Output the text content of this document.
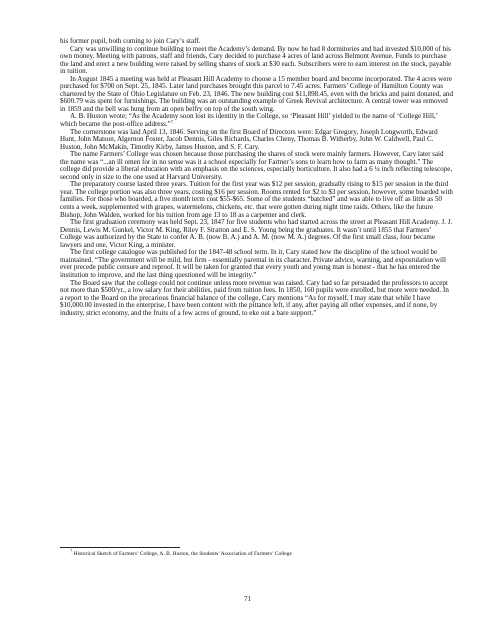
his former pupil, both coming to join Cary’s staff.

Cary was unwilling to continue building to meet the Academy’s demand. By now he had 8 dormitories and had invested $10,000 of his own money. Meeting with patrons, staff and friends, Cary decided to purchase 4 acres of land across Belmont Avenue. Funds to purchase the land and erect a new building were raised by selling shares of stock at $30 each. Subscribers were to earn interest on the stock, payable in tuition.

In August 1845 a meeting was held at Pleasant Hill Academy to choose a 15 member board and become incorporated. The 4 acres were purchased for $700 on Sept. 25, 1845. Later land purchases brought this parcel to 7.45 acres. Farmers’ College of Hamilton County was chartered by the State of Ohio Legislature on Feb. 23, 1846. The new building cost $11,898.45, even with the bricks and paint donated, and $600.79 was spent for furnishings. The building was an outstanding example of Greek Revival architecture. A central tower was removed in 1859 and the bell was hung from an open belfry on top of the south wing.

A. B. Huston wrote; “As the Academy soon lost its identity in the College, so ‘Pleasant Hill’ yielded to the name of ‘College Hill,’ which became the post-office address.”$^7$

The cornerstone was laid April 13, 1846. Serving on the first Board of Directors were: Edgar Gregory, Joseph Longworth, Edward Hunt, John Matson, Algernon Foster, Jacob Dennis, Giles Richards, Charles Cheny, Thomas B. Witherby, John W. Caldwell, Paul C. Huston, John McMakin, Timothy Kirby, James Huston, and S. F. Cary.

The name Farmers’ College was chosen because those purchasing the shares of stock were mainly farmers. However, Cary later said the name was “...an ill omen for in no sense was it a school especially for Farmer’s sons to learn how to farm as many thought.” The college did provide a liberal education with an emphasis on the sciences, especially horticulture. It also had a 6 ¼ inch reflecting telescope, second only in size to the one used at Harvard University.

The preparatory course lasted three years. Tuition for the first year was $12 per session, gradually rising to $15 per session in the third year. The college portion was also three years, costing $16 per session. Rooms rented for $2 to $3 per session, however, some boarded with families. For those who boarded, a five month term cost $55-$65. Some of the students “batched” and was able to live off as little as 50 cents a week, supplemented with grapes, watermelons, chickens, etc. that were gotten during night time raids. Others, like the future Bishop, John Walden, worked for his tuition from age 13 to 18 as a carpenter and clerk.

The first graduation ceremony was held Sept. 23, 1847 for five students who had started across the street at Pleasant Hill Academy. J. J. Dennis, Lewis M. Gunkel, Victor M. King, Riley F. Stratton and E. S. Young being the graduates. It wasn’t until 1855 that Farmers’ College was authorized by the State to confer A. B. (now B. A.) and A. M. (now M. A.) degrees. Of the first small class, four became lawyers and one, Victor King, a minister.

The first college catalogue was published for the 1847-48 school term. In it, Cary stated how the discipline of the school would be maintained. “The government will be mild, but firm - essentially parental in its character. Private advice, warning, and expostulation will ever precede public censure and reproof. It will be taken for granted that every youth and young man is honest - that he has entered the institution to improve, and the last thing questioned will be integrity.”

The Board saw that the college could not continue unless more revenue was raised. Cary had so far persuaded the professors to accept not more than $500/yr., a low salary for their abilities, paid from tuition fees. In 1850, 160 pupils were enrolled, but more were needed. In a report to the Board on the precarious financial balance of the college, Cary mentions “As for myself, I may state that while I have $10,000.00 invested in the enterprise, I have been content with the pittance left, if any, after paying all other expenses, and if none, by industry, strict economy, and the fruits of a few acres of ground, to eke out a bare support.”

$^7$ Historical Sketch of Farmers’ College, A. B. Huston, the Students’ Association of Farmers’ College
71
